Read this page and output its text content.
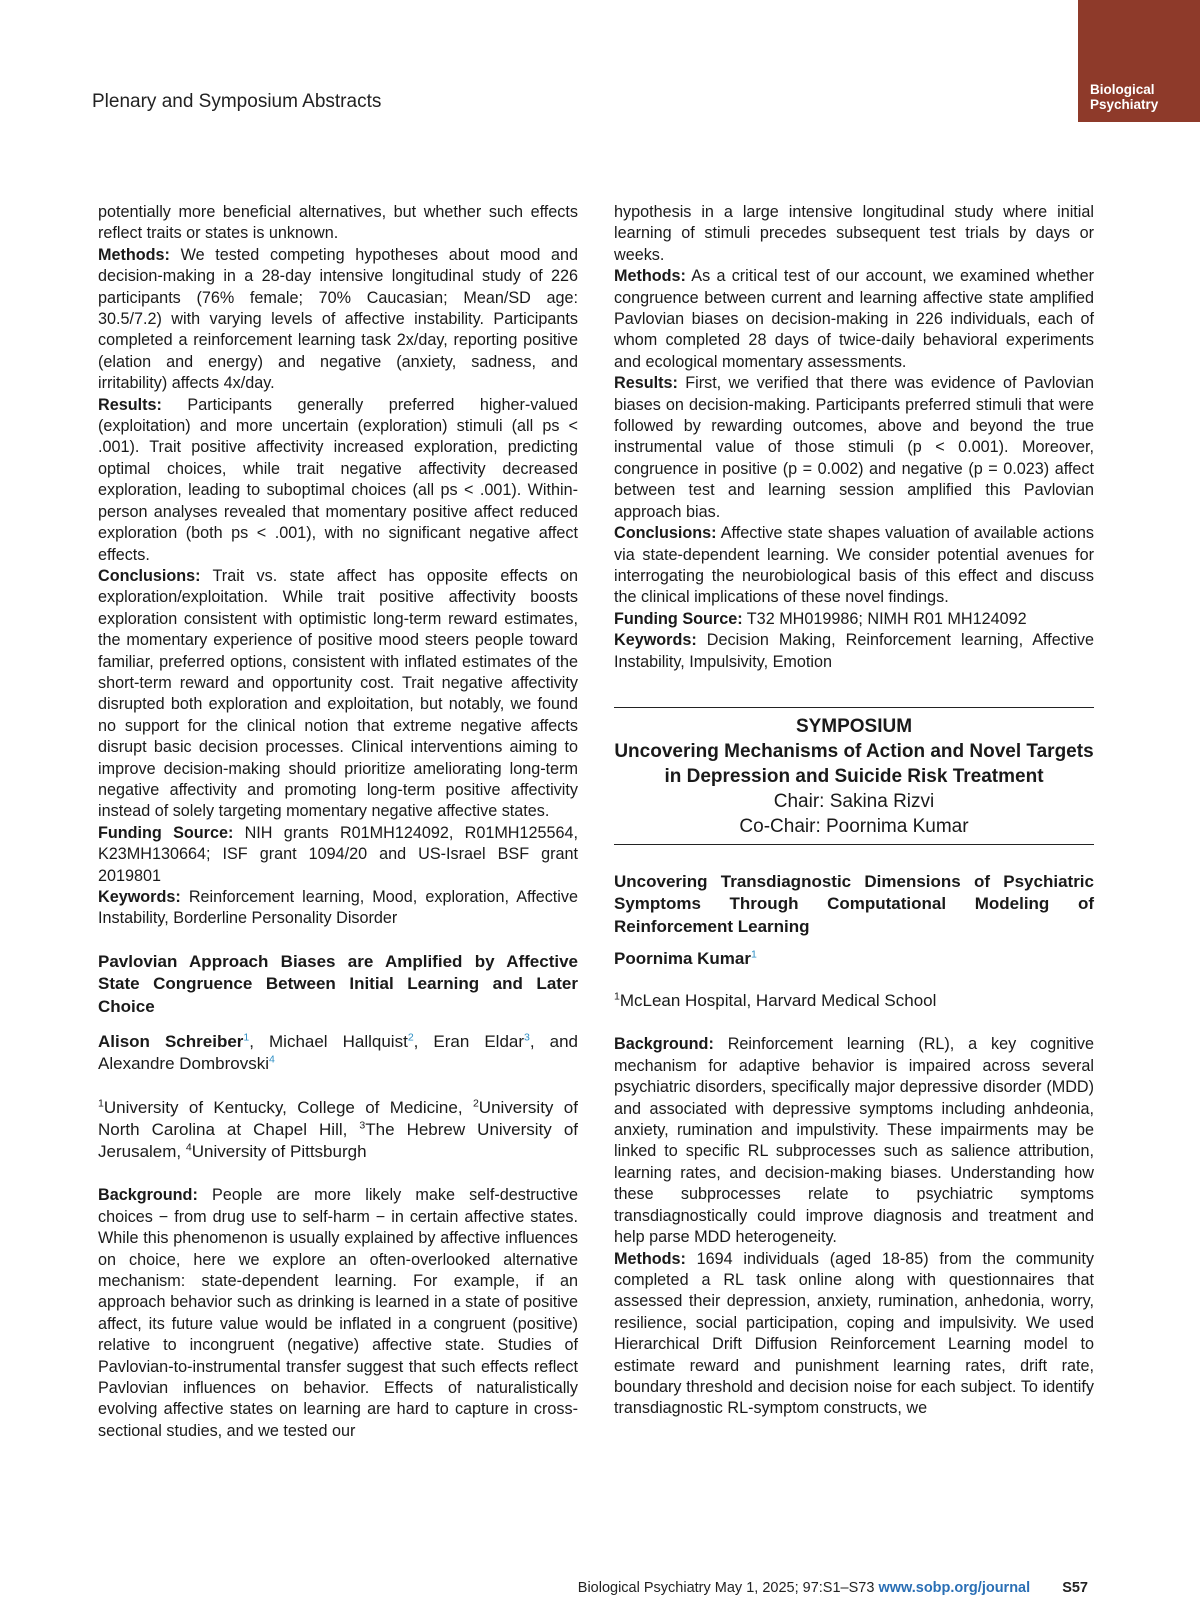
Biological
Psychiatry
Plenary and Symposium Abstracts

potentially more beneficial alternatives, but whether such effects reflect traits or states is unknown.

Methods: We tested competing hypotheses about mood and decision-making in a 28-day intensive longitudinal study of 226 participants (76% female; 70% Caucasian; Mean/SD age: 30.5/7.2) with varying levels of affective instability. Participants completed a reinforcement learning task 2x/day, reporting positive (elation and energy) and negative (anxiety, sadness, and irritability) affects 4x/day.

Results: Participants generally preferred higher-valued (exploitation) and more uncertain (exploration) stimuli (all ps < .001). Trait positive affectivity increased exploration, predicting optimal choices, while trait negative affectivity decreased exploration, leading to suboptimal choices (all ps < .001). Within-person analyses revealed that momentary positive affect reduced exploration (both ps < .001), with no significant negative affect effects.

Conclusions: Trait vs. state affect has opposite effects on exploration/exploitation. While trait positive affectivity boosts exploration consistent with optimistic long-term reward estimates, the momentary experience of positive mood steers people toward familiar, preferred options, consistent with inflated estimates of the short-term reward and opportunity cost. Trait negative affectivity disrupted both exploration and exploitation, but notably, we found no support for the clinical notion that extreme negative affects disrupt basic decision processes. Clinical interventions aiming to improve decision-making should prioritize ameliorating long-term negative affectivity and promoting long-term positive affectivity instead of solely targeting momentary negative affective states.

Funding Source: NIH grants R01MH124092, R01MH125564, K23MH130664; ISF grant 1094/20 and US-Israel BSF grant 2019801

Keywords: Reinforcement learning, Mood, exploration, Affective Instability, Borderline Personality Disorder

Pavlovian Approach Biases are Amplified by Affective State Congruence Between Initial Learning and Later Choice

Alison Schreiber$^1$, Michael Hallquist$^2$, Eran Eldar$^3$, and Alexandre Dombrovski$^4$

$^1$University of Kentucky, College of Medicine, $^2$University of North Carolina at Chapel Hill, $^3$The Hebrew University of Jerusalem, $^4$University of Pittsburgh

Background: People are more likely make self-destructive choices − from drug use to self-harm − in certain affective states. While this phenomenon is usually explained by affective influences on choice, here we explore an often-overlooked alternative mechanism: state-dependent learning. For example, if an approach behavior such as drinking is learned in a state of positive affect, its future value would be inflated in a congruent (positive) relative to incongruent (negative) affective state. Studies of Pavlovian-to-instrumental transfer suggest that such effects reflect Pavlovian influences on behavior. Effects of naturalistically evolving affective states on learning are hard to capture in cross-sectional studies, and we tested our

hypothesis in a large intensive longitudinal study where initial learning of stimuli precedes subsequent test trials by days or weeks.

Methods: As a critical test of our account, we examined whether congruence between current and learning affective state amplified Pavlovian biases on decision-making in 226 individuals, each of whom completed 28 days of twice-daily behavioral experiments and ecological momentary assessments.

Results: First, we verified that there was evidence of Pavlovian biases on decision-making. Participants preferred stimuli that were followed by rewarding outcomes, above and beyond the true instrumental value of those stimuli (p < 0.001). Moreover, congruence in positive (p = 0.002) and negative (p = 0.023) affect between test and learning session amplified this Pavlovian approach bias.

Conclusions: Affective state shapes valuation of available actions via state-dependent learning. We consider potential avenues for interrogating the neurobiological basis of this effect and discuss the clinical implications of these novel findings.

Funding Source: T32 MH019986; NIMH R01 MH124092

Keywords: Decision Making, Reinforcement learning, Affective Instability, Impulsivity, Emotion

SYMPOSIUM
Uncovering Mechanisms of Action and Novel Targets in Depression and Suicide Risk Treatment
Chair: Sakina Rizvi
Co-Chair: Poornima Kumar

Uncovering Transdiagnostic Dimensions of Psychiatric Symptoms Through Computational Modeling of Reinforcement Learning

Poornima Kumar$^1$

$^1$McLean Hospital, Harvard Medical School

Background: Reinforcement learning (RL), a key cognitive mechanism for adaptive behavior is impaired across several psychiatric disorders, specifically major depressive disorder (MDD) and associated with depressive symptoms including anhdeonia, anxiety, rumination and impulstivity. These impairments may be linked to specific RL subprocesses such as salience attribution, learning rates, and decision-making biases. Understanding how these subprocesses relate to psychiatric symptoms transdiagnostically could improve diagnosis and treatment and help parse MDD heterogeneity.

Methods: 1694 individuals (aged 18-85) from the community completed a RL task online along with questionnaires that assessed their depression, anxiety, rumination, anhedonia, worry, resilience, social participation, coping and impulsivity. We used Hierarchical Drift Diffusion Reinforcement Learning model to estimate reward and punishment learning rates, drift rate, boundary threshold and decision noise for each subject. To identify transdiagnostic RL-symptom constructs, we

Biological Psychiatry May 1, 2025; 97:S1–S73 www.sobp.org/journal S57
